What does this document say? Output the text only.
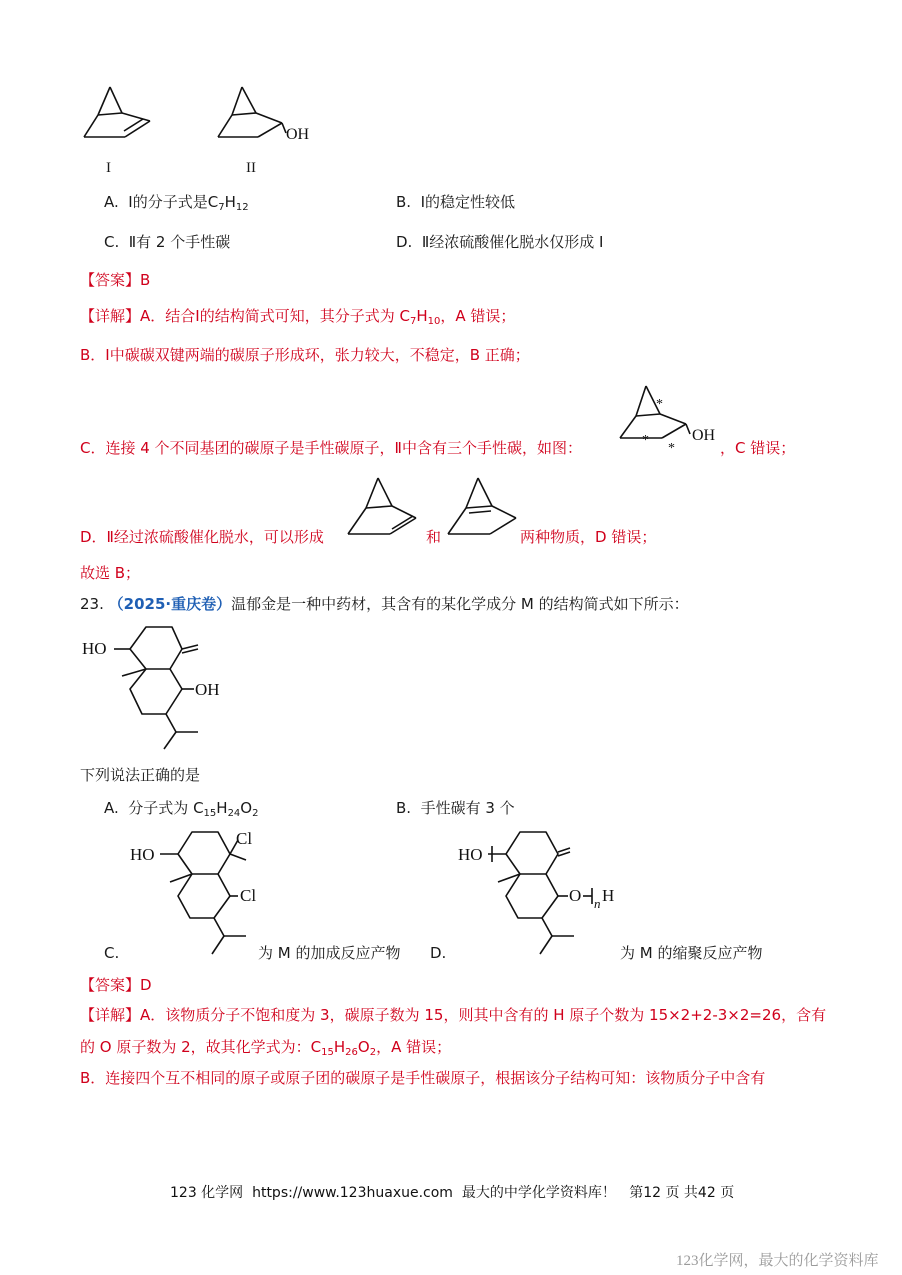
I
OH
II
A.  Ⅰ的分子式是$C_7H_{12}$	B.  Ⅰ的稳定性较低
C.  Ⅱ有 2 个手性碳	D.  Ⅱ经浓硫酸催化脱水仅形成 Ⅰ
【答案】B
【详解】A．结合Ⅰ的结构简式可知，其分子式为 $C_7H_{10}$，A 错误；
B．Ⅰ中碳碳双键两端的碳原子形成环，张力较大，不稳定，B 正确；
C．连接 4 个不同基团的碳原子是手性碳原子，Ⅱ中含有三个手性碳，如图：
OH
*
*
*	，C 错误；
D．Ⅱ经过浓硫酸催化脱水，可以形成	和	两种物质，D 错误；
故选 B；
23. （2025·重庆卷）温郁金是一种中药材，其含有的某化学成分 M 的结构简式如下所示：
HO
OH
下列说法正确的是
A.  分子式为 $C_{15}H_{24}O_2$	B.  手性碳有 3 个
Cl
HO
Cl
C.	为 M 的加成反应产物
HO
O n H
D.	为 M 的缩聚反应产物
【答案】D
【详解】A．该物质分子不饱和度为 3，碳原子数为 15，则其中含有的 H 原子个数为 15×2+2-3×2=26，含有
的 O 原子数为 2，故其化学式为：$C_{15}H_{26}O_2$，A 错误；
B．连接四个互不相同的原子或原子团的碳原子是手性碳原子，根据该分子结构可知：该物质分子中含有
123 化学网 https://www.123huaxue.com 最大的中学化学资料库！ 第12 页 共42 页
123化学网，最大的化学资料库
